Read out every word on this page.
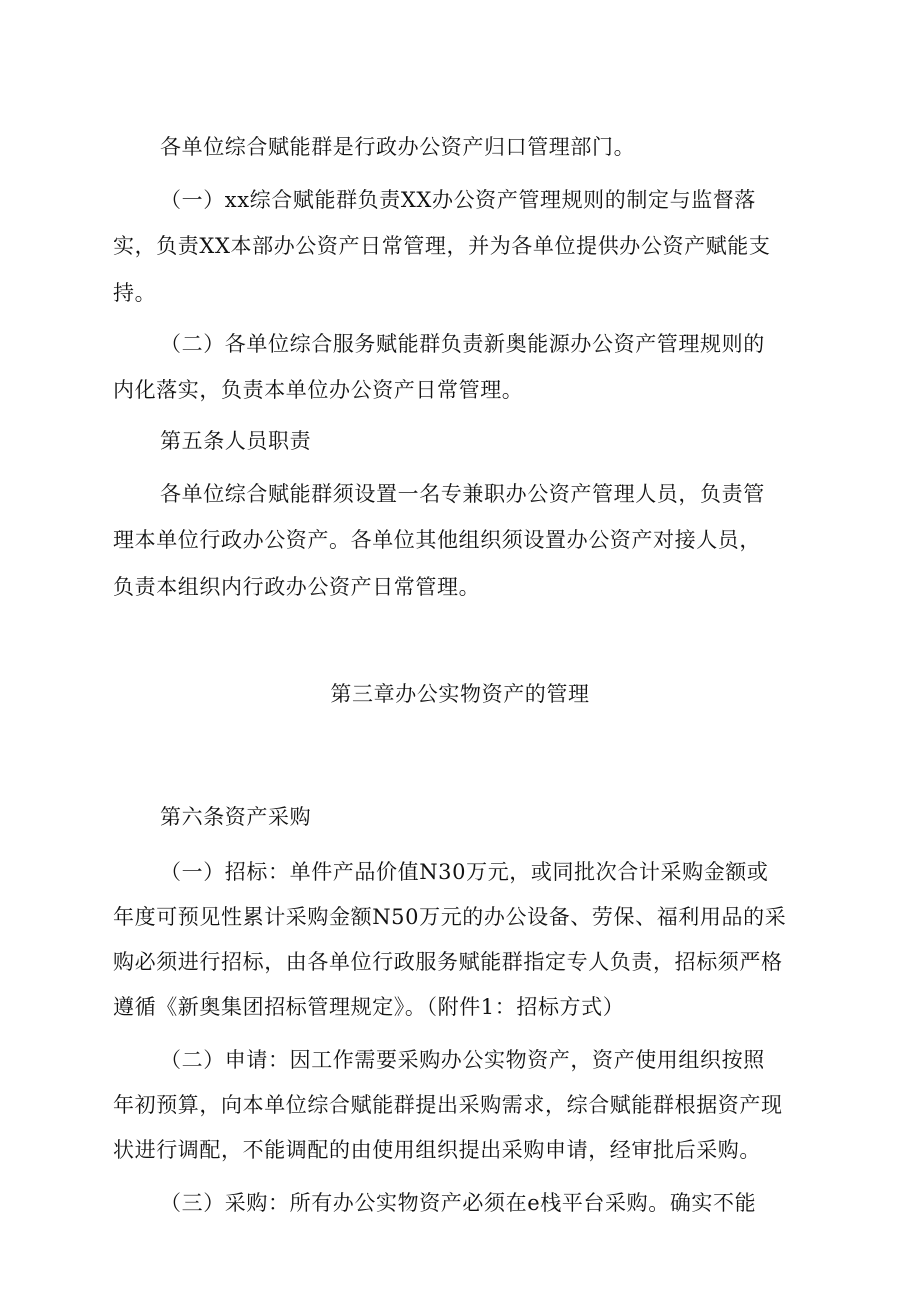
各单位综合赋能群是行政办公资产归口管理部门。
（一）xx综合赋能群负责XX办公资产管理规则的制定与监督落
实，负责XX本部办公资产日常管理，并为各单位提供办公资产赋能支
持。
（二）各单位综合服务赋能群负责新奥能源办公资产管理规则的
内化落实，负责本单位办公资产日常管理。
第五条人员职责
各单位综合赋能群须设置一名专兼职办公资产管理人员，负责管
理本单位行政办公资产。各单位其他组织须设置办公资产对接人员，
负责本组织内行政办公资产日常管理。
第三章办公实物资产的管理
第六条资产采购
（一）招标：单件产品价值N30万元，或同批次合计采购金额或
年度可预见性累计采购金额N50万元的办公设备、劳保、福利用品的采
购必须进行招标，由各单位行政服务赋能群指定专人负责，招标须严格
遵循《新奥集团招标管理规定》。（附件1：招标方式）
（二）申请：因工作需要采购办公实物资产，资产使用组织按照
年初预算，向本单位综合赋能群提出采购需求，综合赋能群根据资产现
状进行调配，不能调配的由使用组织提出采购申请，经审批后采购。
（三）采购：所有办公实物资产必须在e栈平台采购。确实不能
